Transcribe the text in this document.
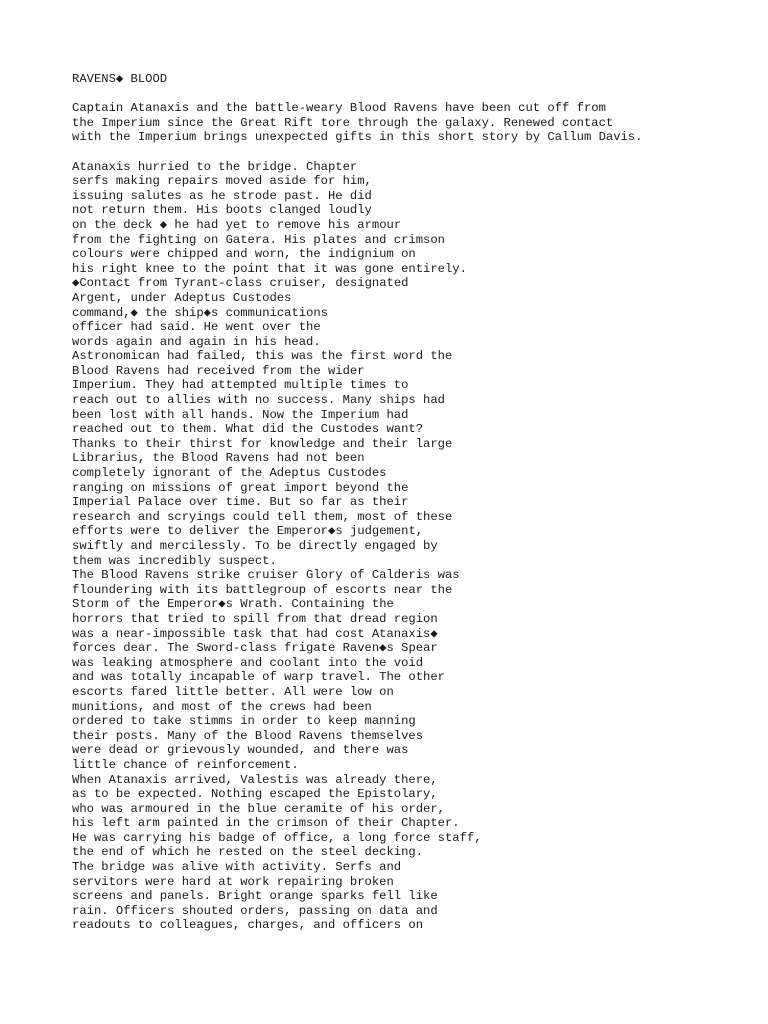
RAVENS◆ BLOOD
Captain Atanaxis and the battle-weary Blood Ravens have been cut off from
the Imperium since the Great Rift tore through the galaxy. Renewed contact
with the Imperium brings unexpected gifts in this short story by Callum Davis.
Atanaxis hurried to the bridge. Chapter
serfs making repairs moved aside for him,
issuing salutes as he strode past. He did
not return them. His boots clanged loudly
on the deck ◆ he had yet to remove his armour
from the fighting on Gatera. His plates and crimson
colours were chipped and worn, the indignium on
his right knee to the point that it was gone entirely.
◆Contact from Tyrant-class cruiser, designated
Argent, under Adeptus Custodes
command,◆ the ship◆s communications
officer had said. He went over the
words again and again in his head.
Astronomican had failed, this was the first word the
Blood Ravens had received from the wider
Imperium. They had attempted multiple times to
reach out to allies with no success. Many ships had
been lost with all hands. Now the Imperium had
reached out to them. What did the Custodes want?
Thanks to their thirst for knowledge and their large
Librarius, the Blood Ravens had not been
completely ignorant of the Adeptus Custodes
ranging on missions of great import beyond the
Imperial Palace over time. But so far as their
research and scryings could tell them, most of these
efforts were to deliver the Emperor◆s judgement,
swiftly and mercilessly. To be directly engaged by
them was incredibly suspect.
The Blood Ravens strike cruiser Glory of Calderis was
floundering with its battlegroup of escorts near the
Storm of the Emperor◆s Wrath. Containing the
horrors that tried to spill from that dread region
was a near-impossible task that had cost Atanaxis◆
forces dear. The Sword-class frigate Raven◆s Spear
was leaking atmosphere and coolant into the void
and was totally incapable of warp travel. The other
escorts fared little better. All were low on
munitions, and most of the crews had been
ordered to take stimms in order to keep manning
their posts. Many of the Blood Ravens themselves
were dead or grievously wounded, and there was
little chance of reinforcement.
When Atanaxis arrived, Valestis was already there,
as to be expected. Nothing escaped the Epistolary,
who was armoured in the blue ceramite of his order,
his left arm painted in the crimson of their Chapter.
He was carrying his badge of office, a long force staff,
the end of which he rested on the steel decking.
The bridge was alive with activity. Serfs and
servitors were hard at work repairing broken
screens and panels. Bright orange sparks fell like
rain. Officers shouted orders, passing on data and
readouts to colleagues, charges, and officers on
